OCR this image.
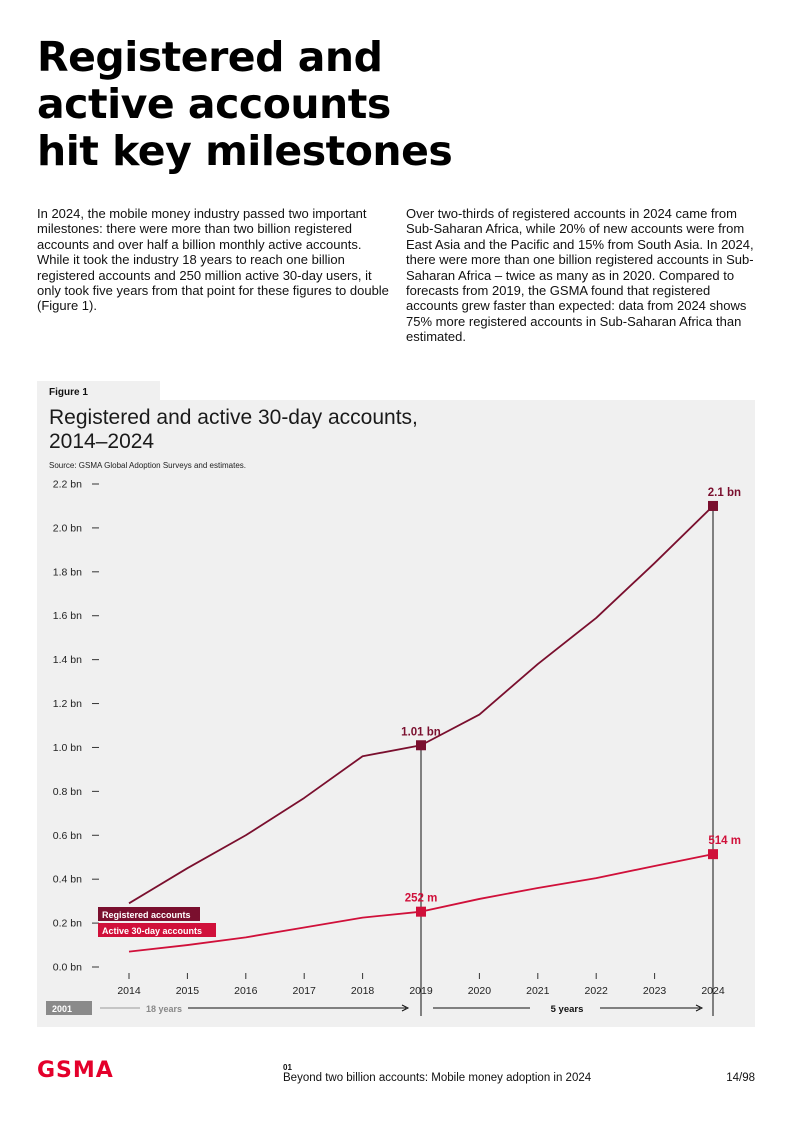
Registered and
active accounts
hit key milestones

In 2024, the mobile money industry passed two important milestones: there were more than two billion registered accounts and over half a billion monthly active accounts. While it took the industry 18 years to reach one billion registered accounts and 250 million active 30-day users, it only took five years from that point for these figures to double (Figure 1).

Over two-thirds of registered accounts in 2024 came from Sub-Saharan Africa, while 20% of new accounts were from East Asia and the Pacific and 15% from South Asia. In 2024, there were more than one billion registered accounts in Sub-Saharan Africa – twice as many as in 2020. Compared to forecasts from 2019, the GSMA found that registered accounts grew faster than expected: data from 2024 shows 75% more registered accounts in Sub-Saharan Africa than estimated.

Figure 1
Registered and active 30-day accounts,
2014–2024
Source: GSMA Global Adoption Surveys and estimates.
0.0 bn
0.2 bn
0.4 bn
0.6 bn
0.8 bn
1.0 bn
1.2 bn
1.4 bn
1.6 bn
1.8 bn
2.0 bn
2.2 bn
2014	2015	2016	2017	2018	2019	2020	2021	2022	2023	2024
1.01 bn
2.1 bn
252 m
514 m
Registered accounts
Active 30-day accounts
2001	18 years	5 years
GSMA	01
Beyond two billion accounts: Mobile money adoption in 2024	14/98
